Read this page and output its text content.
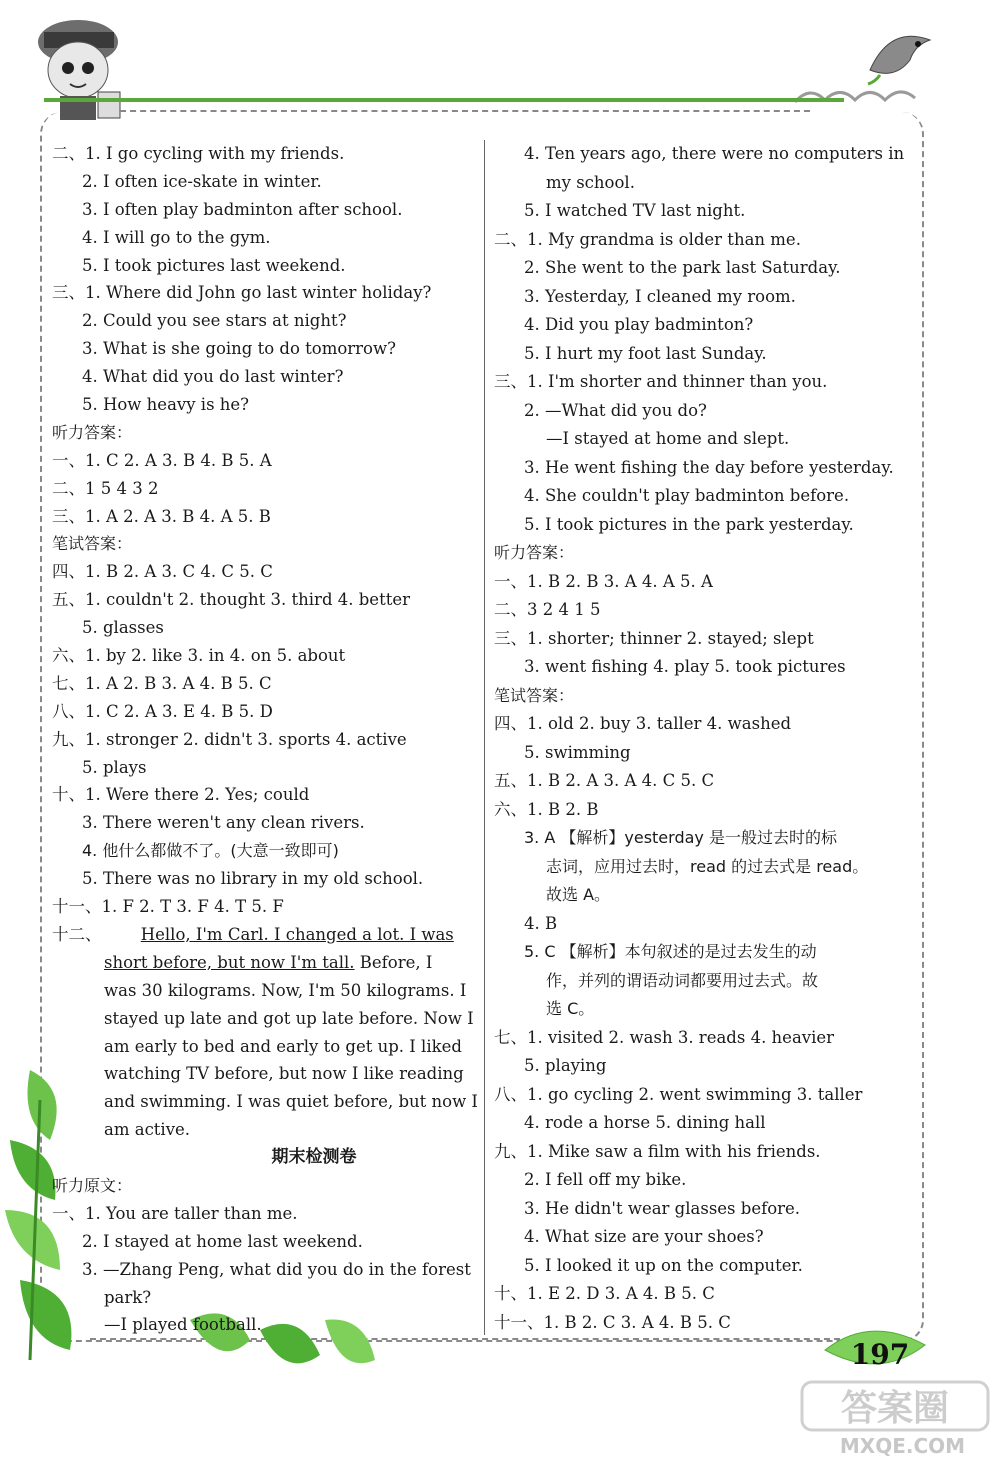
197
答案圈
MXQE.COM
二、1. I go cycling with my friends.
2. I often ice-skate in winter.
3. I often play badminton after school.
4. I will go to the gym.
5. I took pictures last weekend.
三、1. Where did John go last winter holiday?
2. Could you see stars at night?
3. What is she going to do tomorrow?
4. What did you do last winter?
5. How heavy is he?
听力答案：
一、1. C 2. A 3. B 4. B 5. A
二、1 5 4 3 2
三、1. A 2. A 3. B 4. A 5. B
笔试答案：
四、1. B 2. A 3. C 4. C 5. C
五、1. couldn't 2. thought 3. third 4. better
5. glasses
六、1. by 2. like 3. in 4. on 5. about
七、1. A 2. B 3. A 4. B 5. C
八、1. C 2. A 3. E 4. B 5. D
九、1. stronger 2. didn't 3. sports 4. active
5. plays
十、1. Were there 2. Yes; could
3. There weren't any clean rivers.
4. 他什么都做不了。(大意一致即可)
5. There was no library in my old school.
十一、1. F 2. T 3. F 4. T 5. F
十二、 Hello, I'm Carl. I changed a lot. I was
short before, but now I'm tall. Before, I
was 30 kilograms. Now, I'm 50 kilograms. I
stayed up late and got up late before. Now I
am early to bed and early to get up. I liked
watching TV before, but now I like reading
and swimming. I was quiet before, but now I
am active.
期末检测卷
听力原文：
一、1. You are taller than me.
2. I stayed at home last weekend.
3. —Zhang Peng, what did you do in the forest
park?
—I played football.
4. Ten years ago, there were no computers in
my school.
5. I watched TV last night.
二、1. My grandma is older than me.
2. She went to the park last Saturday.
3. Yesterday, I cleaned my room.
4. Did you play badminton?
5. I hurt my foot last Sunday.
三、1. I'm shorter and thinner than you.
2. —What did you do?
—I stayed at home and slept.
3. He went fishing the day before yesterday.
4. She couldn't play badminton before.
5. I took pictures in the park yesterday.
听力答案：
一、1. B 2. B 3. A 4. A 5. A
二、3 2 4 1 5
三、1. shorter; thinner 2. stayed; slept
3. went fishing 4. play 5. took pictures
笔试答案：
四、1. old 2. buy 3. taller 4. washed
5. swimming
五、1. B 2. A 3. A 4. C 5. C
六、1. B 2. B
3. A 【解析】yesterday 是一般过去时的标
志词，应用过去时，read 的过去式是 read。
故选 A。
4. B
5. C 【解析】本句叙述的是过去发生的动
作，并列的谓语动词都要用过去式。故
选 C。
七、1. visited 2. wash 3. reads 4. heavier
5. playing
八、1. go cycling 2. went swimming 3. taller
4. rode a horse 5. dining hall
九、1. Mike saw a film with his friends.
2. I fell off my bike.
3. He didn't wear glasses before.
4. What size are your shoes?
5. I looked it up on the computer.
十、1. E 2. D 3. A 4. B 5. C
十一、1. B 2. C 3. A 4. B 5. C
